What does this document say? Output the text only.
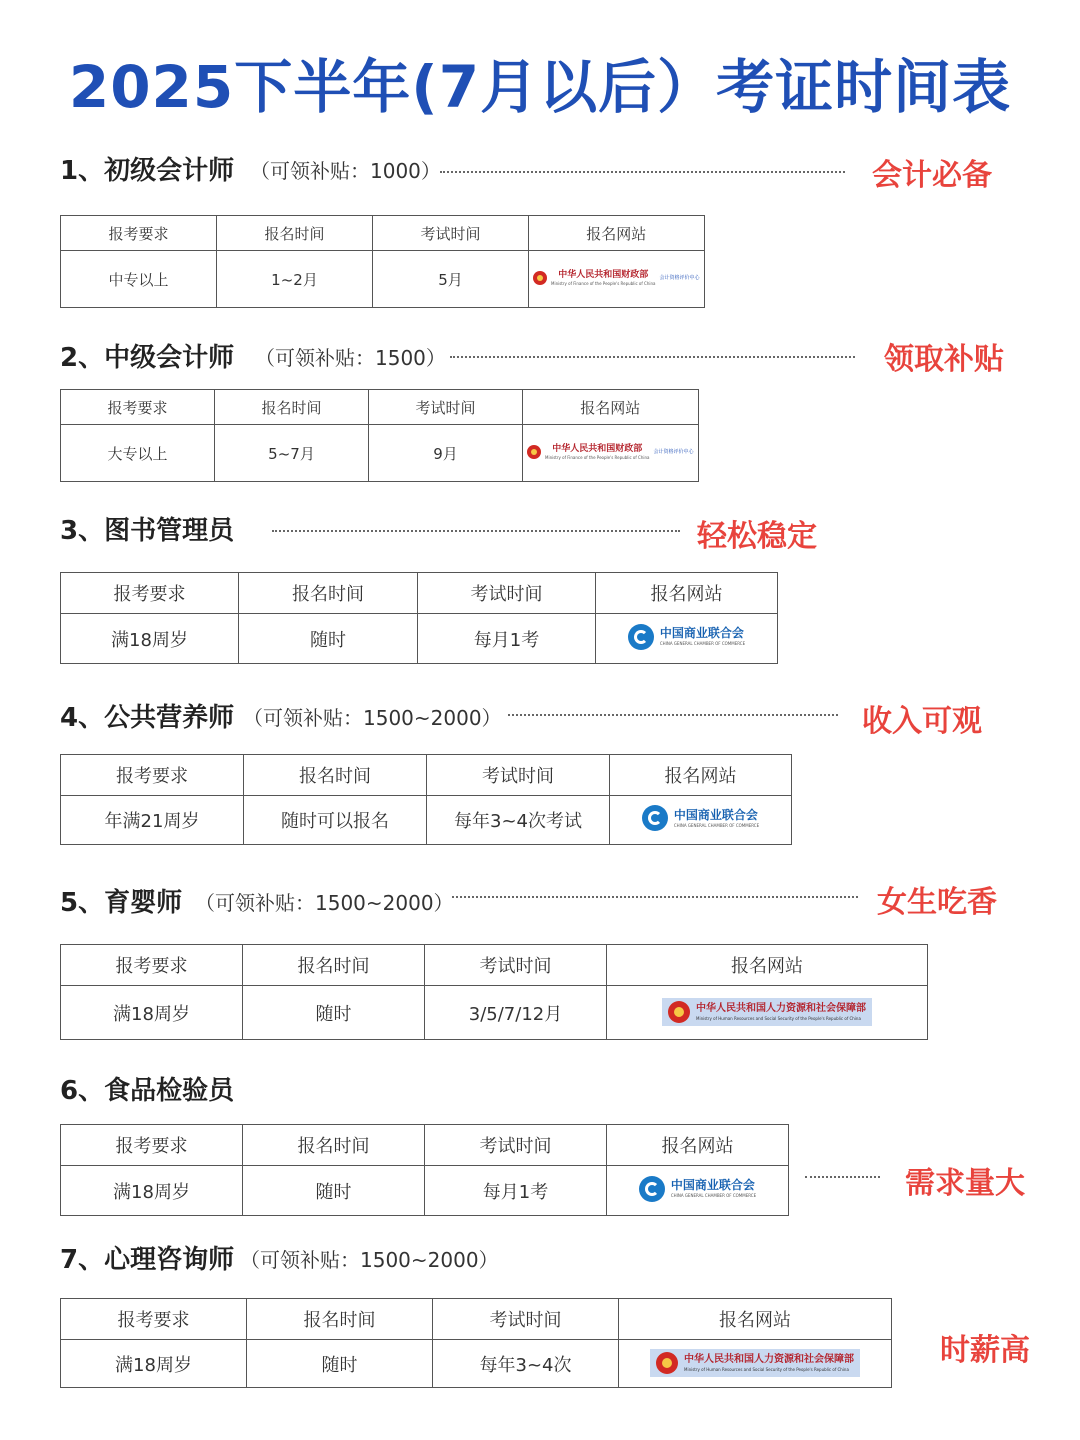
2025下半年(7月以后）考证时间表
1、初级会计师 （可领补贴：1000）	会计必备
报考要求	报名时间	考试时间	报名网站
中专以上	1~2月	5月	中华人民共和国财政部
Ministry of Finance of the People's Republic of China
会计资格评价中心
2、中级会计师 （可领补贴：1500）	领取补贴
报考要求	报名时间	考试时间	报名网站
大专以上	5~7月	9月	中华人民共和国财政部
Ministry of Finance of the People's Republic of China
会计资格评价中心
3、图书管理员	轻松稳定
报考要求	报名时间	考试时间	报名网站
满18周岁	随时	每月1考	中国商业联合会
CHINA GENERAL CHAMBER OF COMMERCE
4、公共营养师 （可领补贴：1500~2000）	收入可观
报考要求	报名时间	考试时间	报名网站
年满21周岁	随时可以报名	每年3~4次考试	中国商业联合会
CHINA GENERAL CHAMBER OF COMMERCE
5、育婴师 （可领补贴：1500~2000）	女生吃香
报考要求	报名时间	考试时间	报名网站
满18周岁	随时	3/5/7/12月	中华人民共和国人力资源和社会保障部
Ministry of Human Resources and Social Security of the People's Republic of China
6、食品检验员
需求量大
报考要求	报名时间	考试时间	报名网站
满18周岁	随时	每月1考	中国商业联合会
CHINA GENERAL CHAMBER OF COMMERCE
7、心理咨询师 （可领补贴：1500~2000）
时薪高
报考要求	报名时间	考试时间	报名网站
满18周岁	随时	每年3~4次	中华人民共和国人力资源和社会保障部
Ministry of Human Resources and Social Security of the People's Republic of China
